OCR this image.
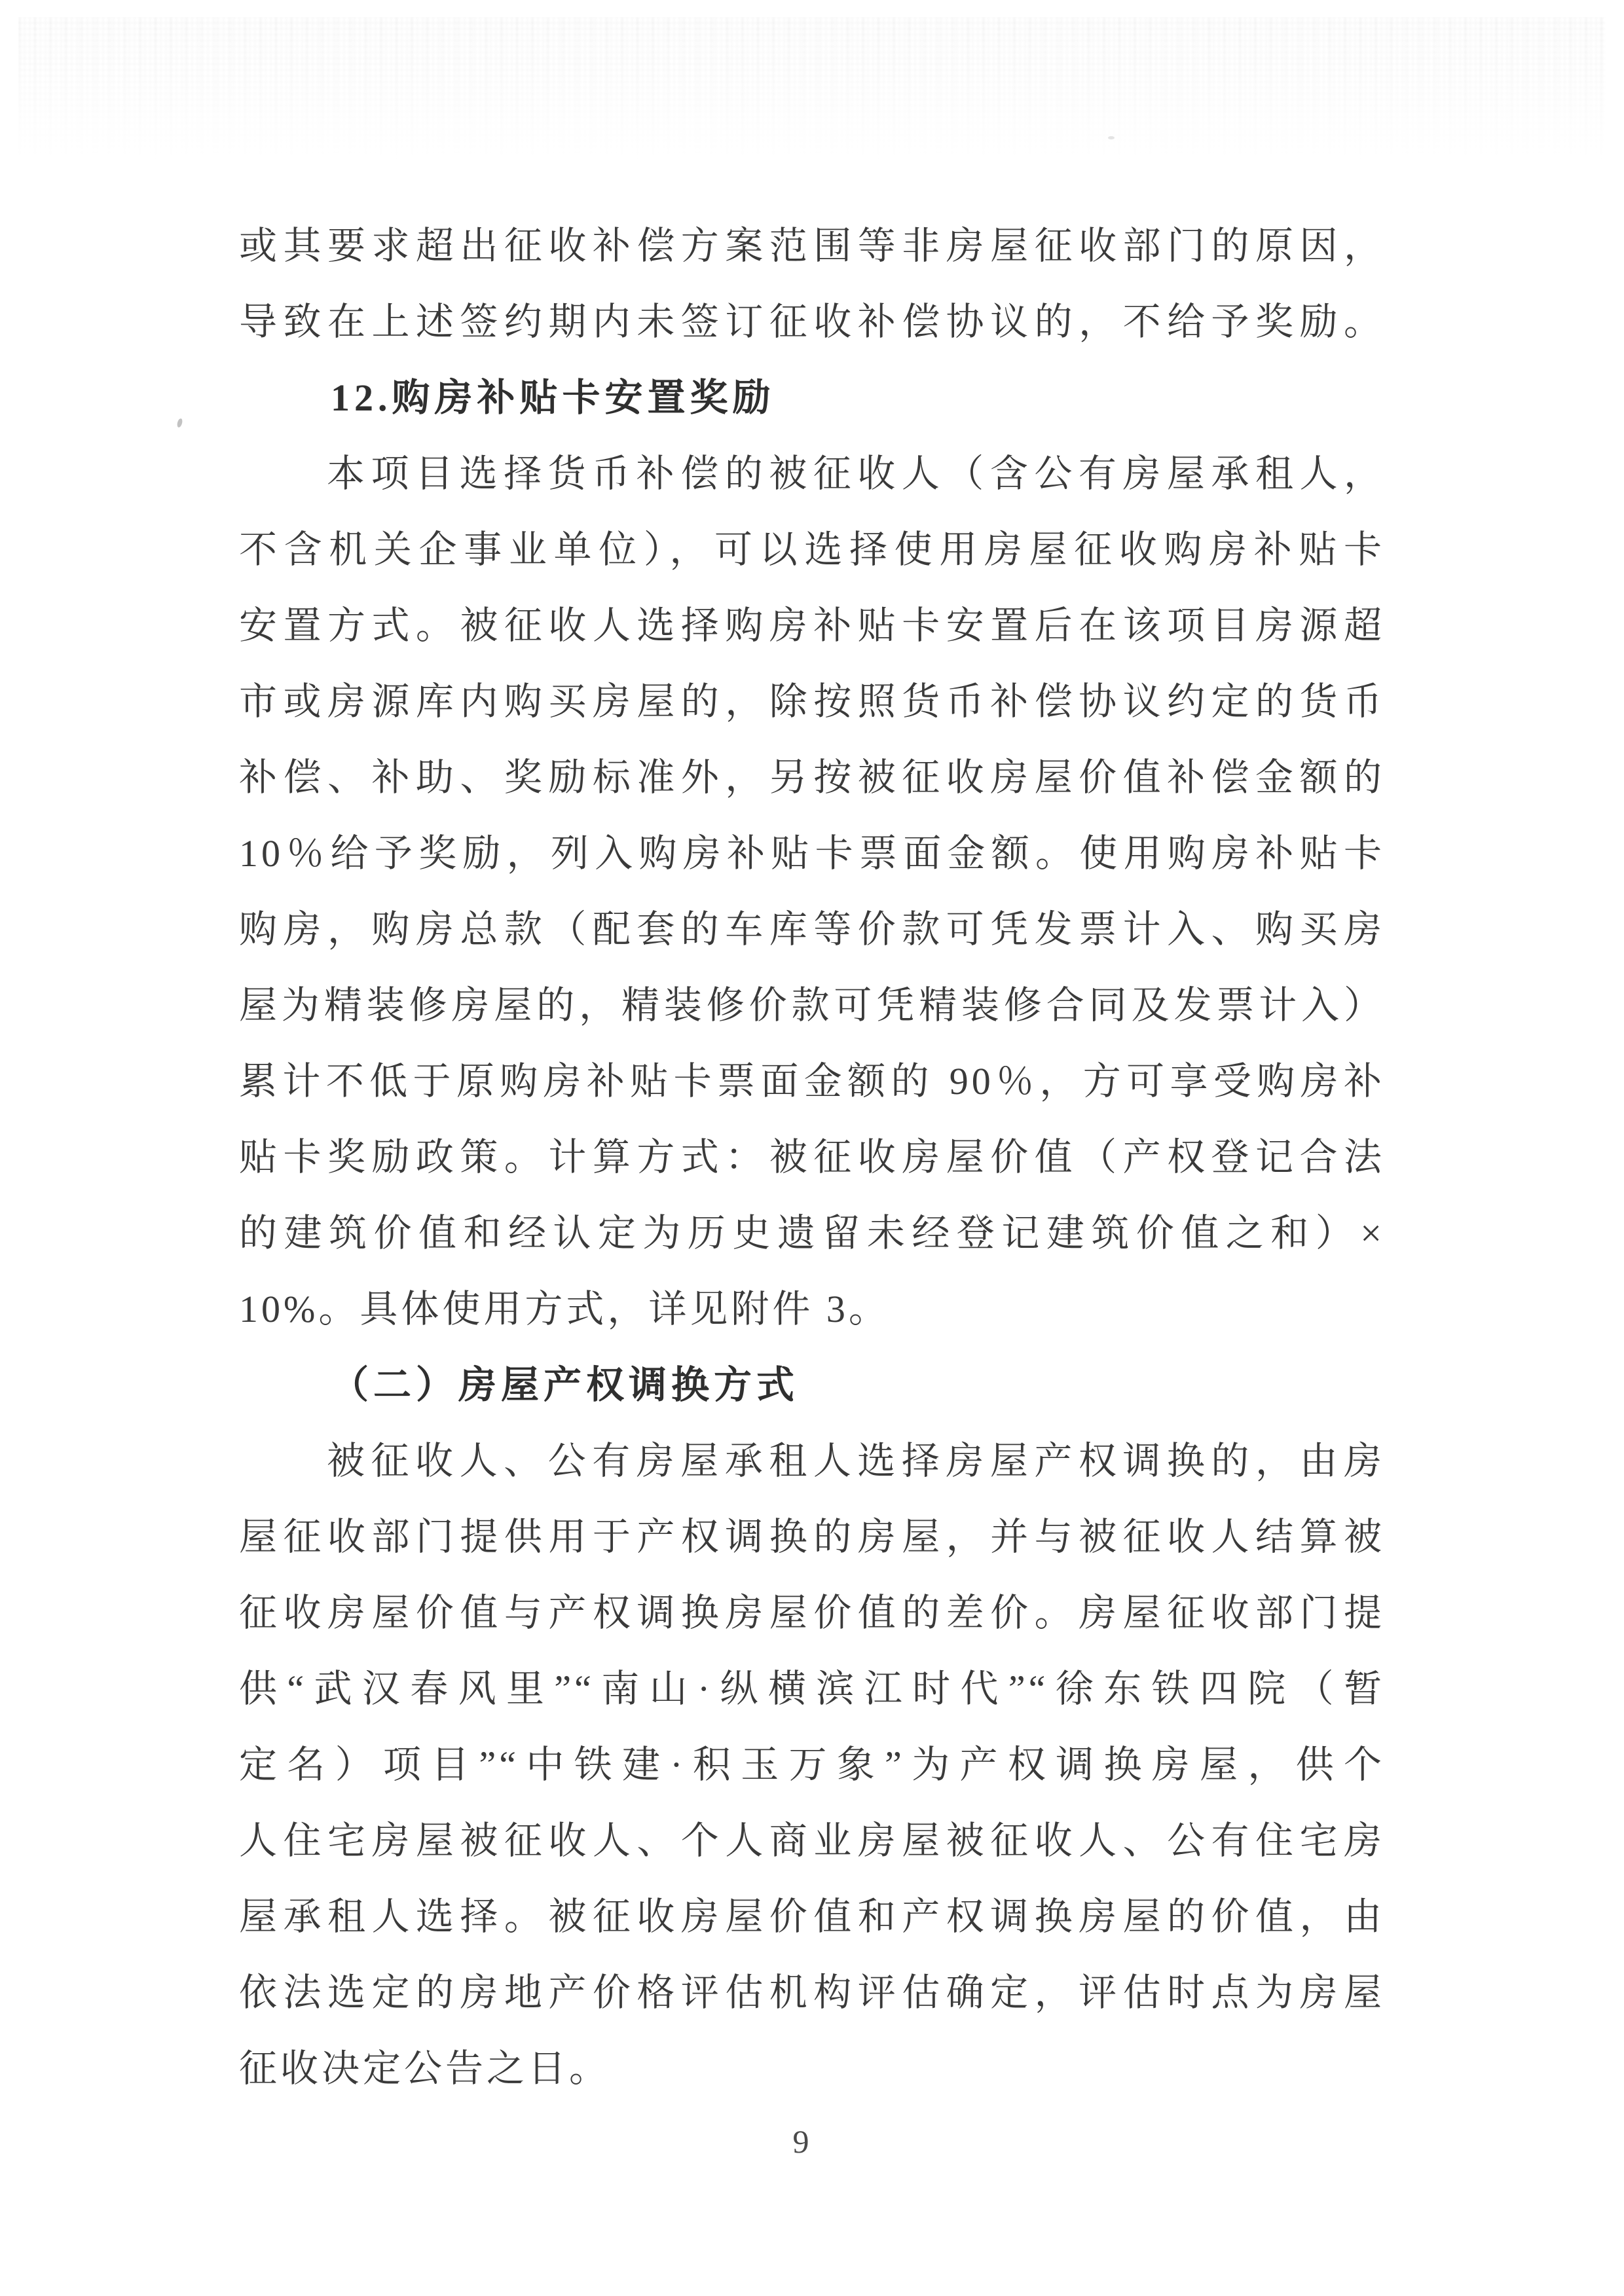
或其要求超出征收补偿方案范围等非房屋征收部门的原因，
导致在上述签约期内未签订征收补偿协议的，不给予奖励。
12.购房补贴卡安置奖励
本项目选择货币补偿的被征收人（含公有房屋承租人，
不含机关企事业单位），可以选择使用房屋征收购房补贴卡
安置方式。被征收人选择购房补贴卡安置后在该项目房源超
市或房源库内购买房屋的，除按照货币补偿协议约定的货币
补偿、补助、奖励标准外，另按被征收房屋价值补偿金额的
10％给予奖励，列入购房补贴卡票面金额。使用购房补贴卡
购房，购房总款（配套的车库等价款可凭发票计入、购买房
屋为精装修房屋的，精装修价款可凭精装修合同及发票计入）
累计不低于原购房补贴卡票面金额的 90％，方可享受购房补
贴卡奖励政策。计算方式：被征收房屋价值（产权登记合法
的建筑价值和经认定为历史遗留未经登记建筑价值之和）×
10%。具体使用方式，详见附件 3。
（二）房屋产权调换方式
被征收人、公有房屋承租人选择房屋产权调换的，由房
屋征收部门提供用于产权调换的房屋，并与被征收人结算被
征收房屋价值与产权调换房屋价值的差价。房屋征收部门提
供“武汉春风里”“南山·纵横滨江时代”“徐东铁四院（暂
定名）项目”“中铁建·积玉万象”为产权调换房屋，供个
人住宅房屋被征收人、个人商业房屋被征收人、公有住宅房
屋承租人选择。被征收房屋价值和产权调换房屋的价值，由
依法选定的房地产价格评估机构评估确定，评估时点为房屋
征收决定公告之日。
9
